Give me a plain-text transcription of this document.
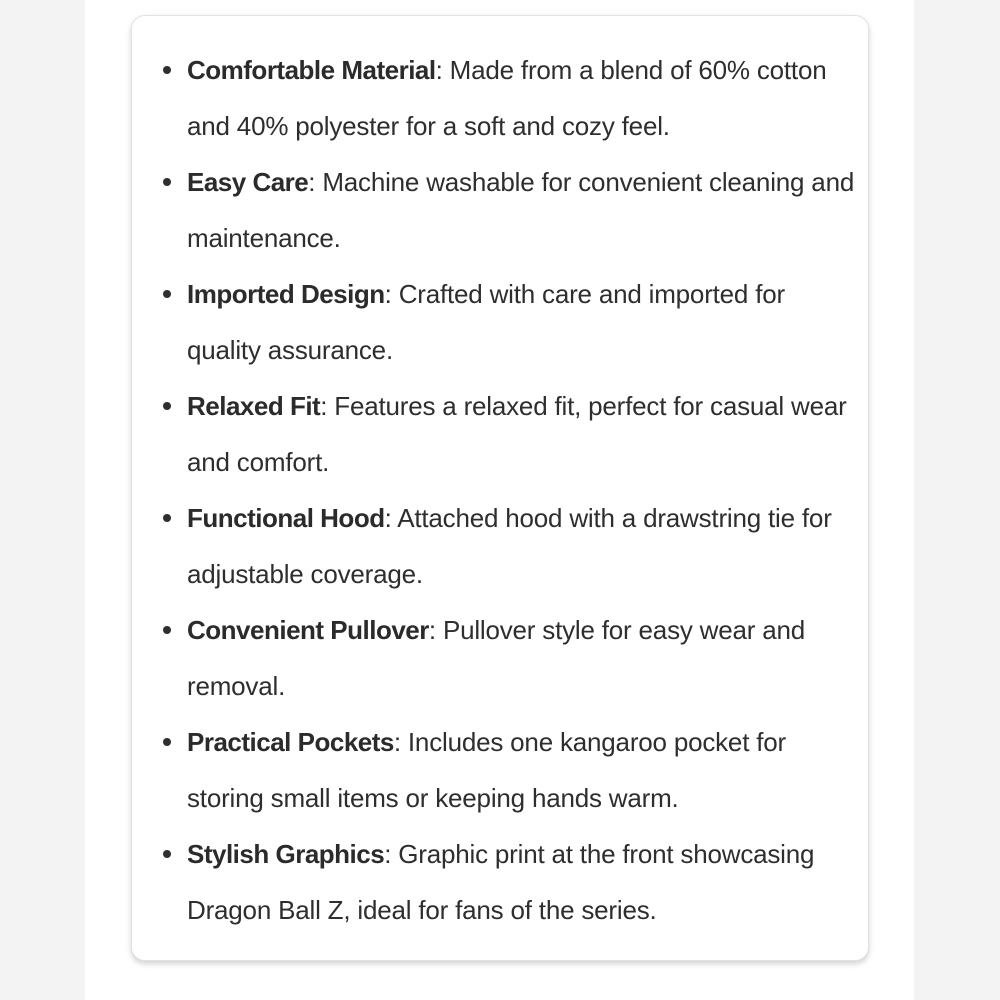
Comfortable Material: Made from a blend of 60% cotton and 40% polyester for a soft and cozy feel.
Easy Care: Machine washable for convenient cleaning and maintenance.
Imported Design: Crafted with care and imported for quality assurance.
Relaxed Fit: Features a relaxed fit, perfect for casual wear and comfort.
Functional Hood: Attached hood with a drawstring tie for adjustable coverage.
Convenient Pullover: Pullover style for easy wear and removal.
Practical Pockets: Includes one kangaroo pocket for storing small items or keeping hands warm.
Stylish Graphics: Graphic print at the front showcasing Dragon Ball Z, ideal for fans of the series.
